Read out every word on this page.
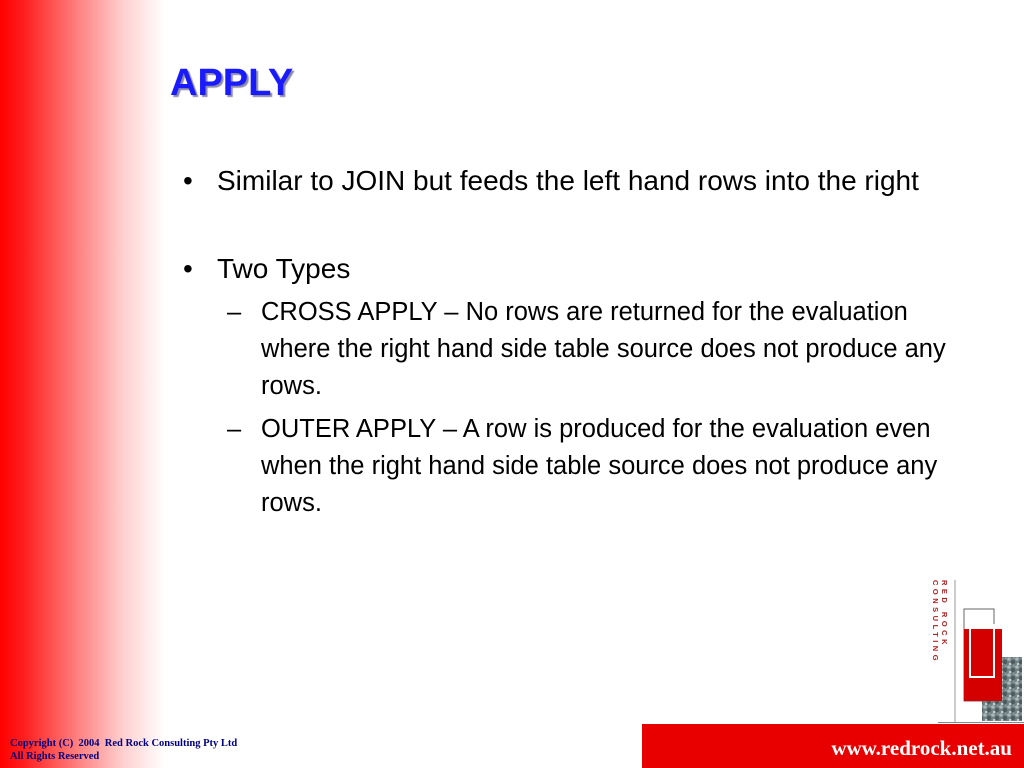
APPLY
• Similar to JOIN but feeds the left hand rows into the right
• Two Types
– CROSS APPLY – No rows are returned for the evaluation where the right hand side table source does not produce any rows.
– OUTER APPLY – A row is produced for the evaluation even when the right hand side table source does not produce any rows.
RED ROCK CONSULTING
www.redrock.net.au
Copyright (C)  2004  Red Rock Consulting Pty Ltd
All Rights Reserved
